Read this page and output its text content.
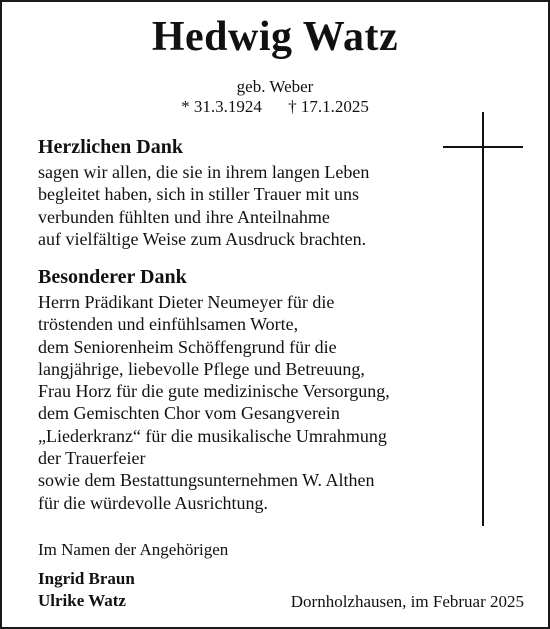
Hedwig Watz
geb. Weber
* 31.3.1924 † 17.1.2025
Herzlichen Dank
sagen wir allen, die sie in ihrem langen Leben
begleitet haben, sich in stiller Trauer mit uns
verbunden fühlten und ihre Anteilnahme
auf vielfältige Weise zum Ausdruck brachten.
Besonderer Dank
Herrn Prädikant Dieter Neumeyer für die
tröstenden und einfühlsamen Worte,
dem Seniorenheim Schöffengrund für die
langjährige, liebevolle Pflege und Betreuung,
Frau Horz für die gute medizinische Versorgung,
dem Gemischten Chor vom Gesangverein
„Liederkranz“ für die musikalische Umrahmung
der Trauerfeier
sowie dem Bestattungsunternehmen W. Althen
für die würdevolle Ausrichtung.
Im Namen der Angehörigen
Ingrid Braun
Ulrike Watz	Dornholzhausen, im Februar 2025
